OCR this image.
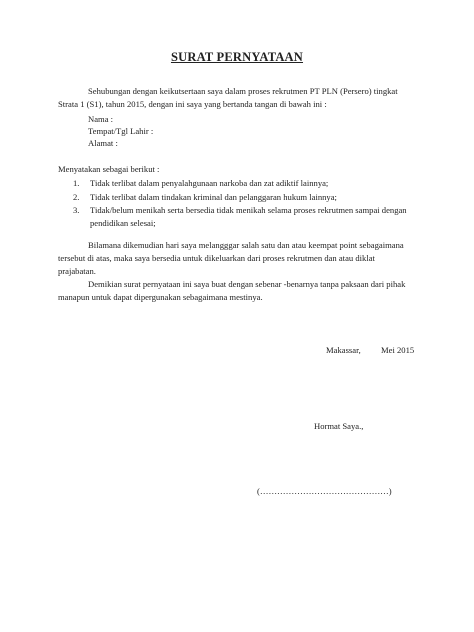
SURAT PERNYATAAN
Sehubungan dengan keikutsertaan saya dalam proses rekrutmen PT PLN (Persero) tingkat
Strata 1 (S1), tahun 2015, dengan ini saya yang bertanda tangan di bawah ini :
Nama :
Tempat/Tgl Lahir :
Alamat :
Menyatakan sebagai berikut :
1.	Tidak terlibat dalam penyalahgunaan narkoba dan zat adiktif lainnya;
2.	Tidak terlibat dalam tindakan kriminal dan pelanggaran hukum lainnya;
3.	Tidak/belum menikah serta bersedia tidak menikah selama proses rekrutmen sampai dengan
pendidikan selesai;
Bilamana dikemudian hari saya melangggar salah satu dan atau keempat point sebagaimana
tersebut di atas, maka saya bersedia untuk dikeluarkan dari proses rekrutmen dan atau diklat
prajabatan.
Demikian surat pernyataan ini saya buat dengan sebenar -benarnya tanpa paksaan dari pihak
manapun untuk dapat dipergunakan sebagaimana mestinya.
Makassar, Mei 2015
Hormat Saya.,
(………………………………………)
